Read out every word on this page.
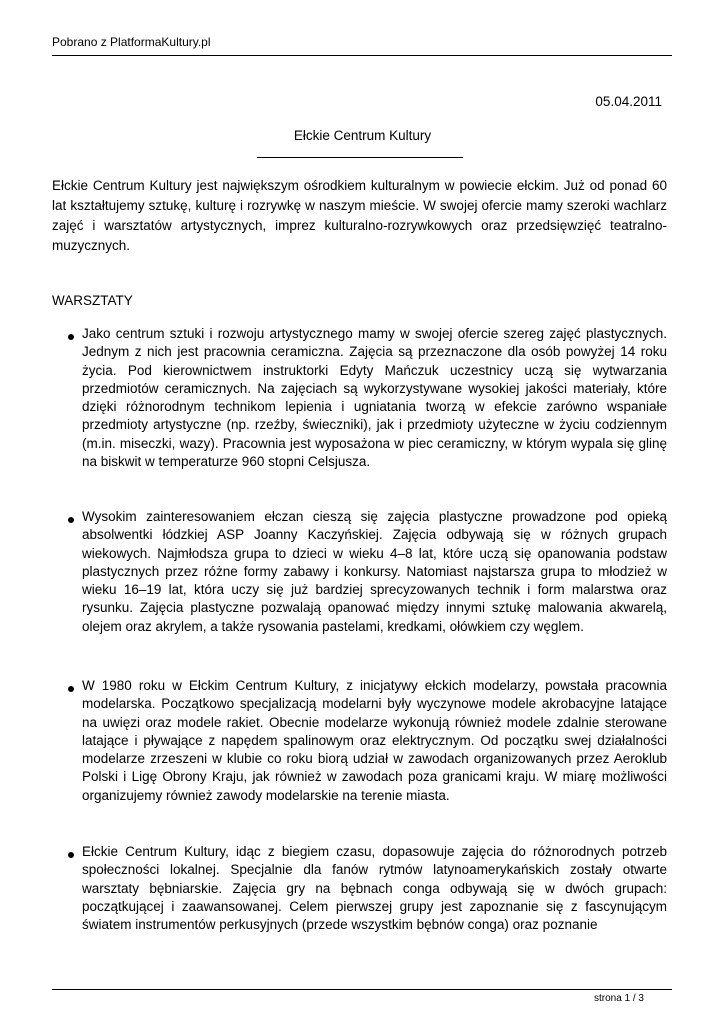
Pobrano z PlatformaKultury.pl
05.04.2011
Ełckie Centrum Kultury

Ełckie Centrum Kultury jest największym ośrodkiem kulturalnym w powiecie ełckim. Już od ponad 60 lat kształtujemy sztukę, kulturę i rozrywkę w naszym mieście. W swojej ofercie mamy szeroki wachlarz zajęć i warsztatów artystycznych, imprez kulturalno-rozrywkowych oraz przedsięwzięć teatralno-muzycznych.

WARSZTATY

Jako centrum sztuki i rozwoju artystycznego mamy w swojej ofercie szereg zajęć plastycznych. Jednym z nich jest pracownia ceramiczna. Zajęcia są przeznaczone dla osób powyżej 14 roku życia. Pod kierownictwem instruktorki Edyty Mańczuk uczestnicy uczą się wytwarzania przedmiotów ceramicznych. Na zajęciach są wykorzystywane wysokiej jakości materiały, które dzięki różnorodnym technikom lepienia i ugniatania tworzą w efekcie zarówno wspaniałe przedmioty artystyczne (np. rzeźby, świeczniki), jak i przedmioty użyteczne w życiu codziennym (m.in. miseczki, wazy). Pracownia jest wyposażona w piec ceramiczny, w którym wypala się glinę na biskwit w temperaturze 960 stopni Celsjusza.

Wysokim zainteresowaniem ełczan cieszą się zajęcia plastyczne prowadzone pod opieką absolwentki łódzkiej ASP Joanny Kaczyńskiej. Zajęcia odbywają się w różnych grupach wiekowych. Najmłodsza grupa to dzieci w wieku 4–8 lat, które uczą się opanowania podstaw plastycznych przez różne formy zabawy i konkursy. Natomiast najstarsza grupa to młodzież w wieku 16–19 lat, która uczy się już bardziej sprecyzowanych technik i form malarstwa oraz rysunku. Zajęcia plastyczne pozwalają opanować między innymi sztukę malowania akwarelą, olejem oraz akrylem, a także rysowania pastelami, kredkami, ołówkiem czy węglem.

W 1980 roku w Ełckim Centrum Kultury, z inicjatywy ełckich modelarzy, powstała pracownia modelarska. Początkowo specjalizacją modelarni były wyczynowe modele akrobacyjne latające na uwięzi oraz modele rakiet. Obecnie modelarze wykonują również modele zdalnie sterowane latające i pływające z napędem spalinowym oraz elektrycznym. Od początku swej działalności modelarze zrzeszeni w klubie co roku biorą udział w zawodach organizowanych przez Aeroklub Polski i Ligę Obrony Kraju, jak również w zawodach poza granicami kraju. W miarę możliwości organizujemy również zawody modelarskie na terenie miasta.

Ełckie Centrum Kultury, idąc z biegiem czasu, dopasowuje zajęcia do różnorodnych potrzeb społeczności lokalnej. Specjalnie dla fanów rytmów latynoamerykańskich zostały otwarte warsztaty bębniarskie. Zajęcia gry na bębnach conga odbywają się w dwóch grupach: początkującej i zaawansowanej. Celem pierwszej grupy jest zapoznanie się z fascynującym światem instrumentów perkusyjnych (przede wszystkim bębnów conga) oraz poznanie

strona 1 / 3
